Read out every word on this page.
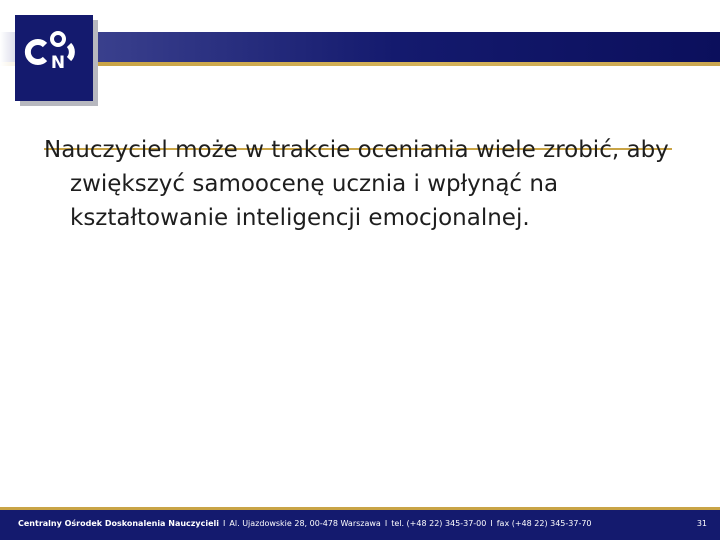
N

Nauczyciel może w trakcie oceniania wiele zrobić, aby zwiększyć samoocenę ucznia i wpłynąć na kształtowanie inteligencji emocjonalnej.

Centralny Ośrodek Doskonalenia Nauczycieli I Al. Ujazdowskie 28, 00-478 Warszawa I tel. (+48 22) 345-37-00 I fax (+48 22) 345-37-70	31
